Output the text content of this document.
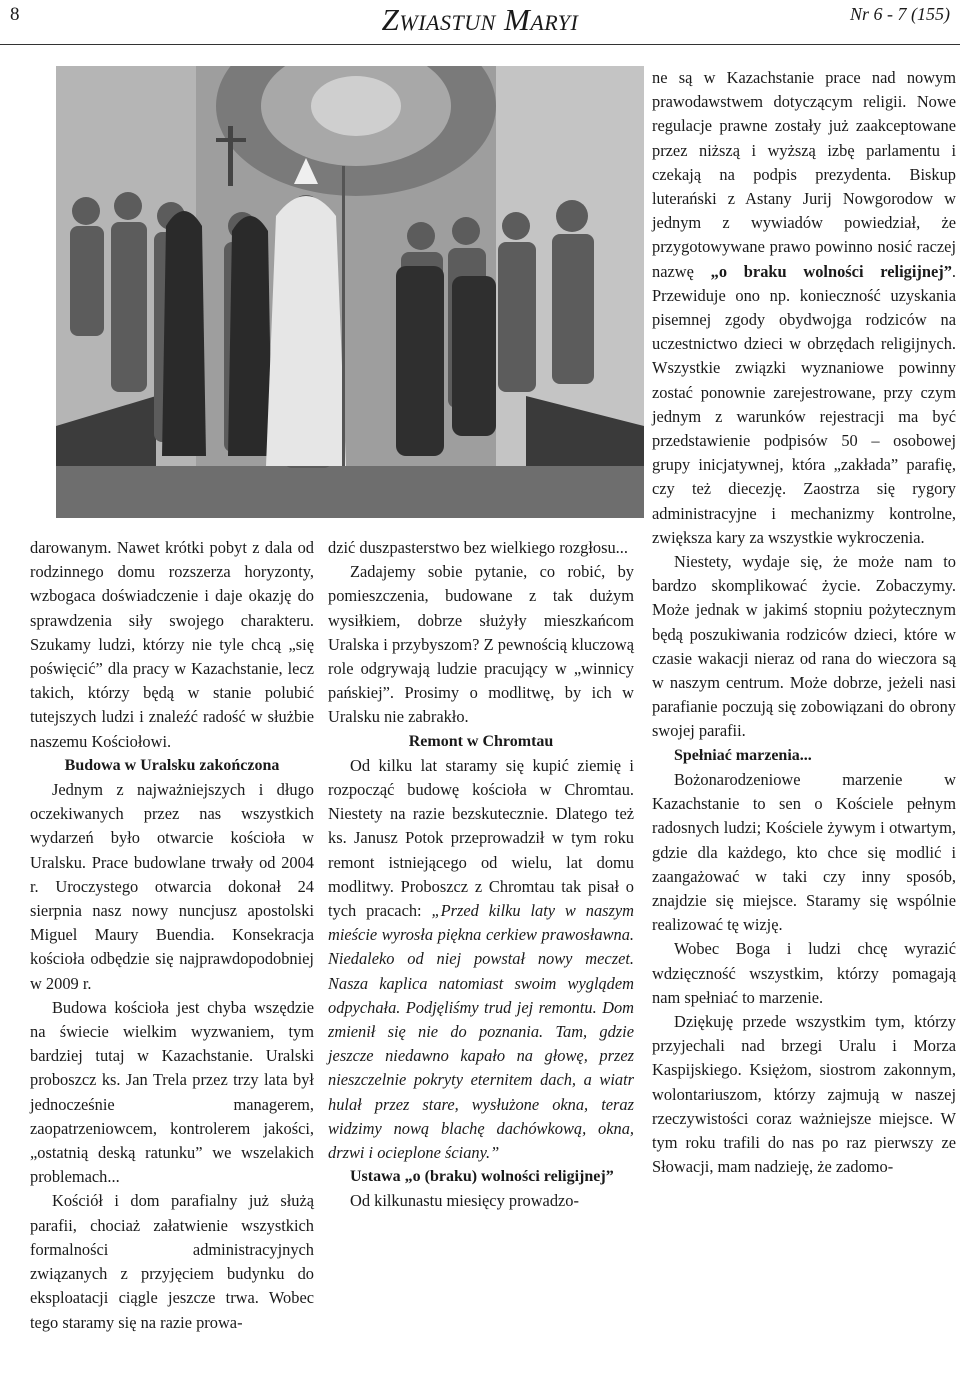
8	Zwiastun Maryi	Nr 6 - 7 (155)

darowanym. Nawet krótki pobyt z dala od rodzinnego domu rozszerza horyzonty, wzbogaca doświadczenie i daje okazję do sprawdzenia siły swojego charakteru. Szukamy ludzi, którzy nie tyle chcą „się poświęcić” dla pracy w Kazachstanie, lecz takich, którzy będą w stanie polubić tutejszych ludzi i znaleźć radość w służbie naszemu Kościołowi.

Budowa w Uralsku zakończona

Jednym z najważniejszych i długo oczekiwanych przez nas wszystkich wydarzeń było otwarcie kościoła w Uralsku. Prace budowlane trwały od 2004 r. Uroczystego otwarcia dokonał 24 sierpnia nasz nowy nuncjusz apostolski Miguel Maury Buendia. Konsekracja kościoła odbędzie się najprawdopodobniej w 2009 r.

Budowa kościoła jest chyba wszędzie na świecie wielkim wyzwaniem, tym bardziej tutaj w Kazachstanie. Uralski proboszcz ks. Jan Trela przez trzy lata był jednocześnie managerem, zaopatrzeniowcem, kontrolerem jakości, „ostatnią deską ratunku” we wszelakich problemach...

Kościół i dom parafialny już służą parafii, chociaż załatwienie wszystkich formalności administracyjnych związanych z przyjęciem budynku do eksploatacji ciągle jeszcze trwa. Wobec tego staramy się na razie prowa-

dzić duszpasterstwo bez wielkiego rozgłosu...

Zadajemy sobie pytanie, co robić, by pomieszczenia, budowane z tak dużym wysiłkiem, dobrze służyły mieszkańcom Uralska i przybyszom? Z pewnością kluczową role odgrywają ludzie pracujący w „winnicy pańskiej”. Prosimy o modlitwę, by ich w Uralsku nie zabrakło.

Remont w Chromtau

Od kilku lat staramy się kupić ziemię i rozpocząć budowę kościoła w Chromtau. Niestety na razie bezskutecznie. Dlatego też ks. Janusz Potok przeprowadził w tym roku remont istniejącego od wielu, lat domu modlitwy. Proboszcz z Chromtau tak pisał o tych pracach: „Przed kilku laty w naszym mieście wyrosła piękna cerkiew prawosławna. Niedaleko od niej powstał nowy meczet. Nasza kaplica natomiast swoim wyglądem odpychała. Podjęliśmy trud jej remontu. Dom zmienił się nie do poznania. Tam, gdzie jeszcze niedawno kapało na głowę, przez nieszczelnie pokryty eternitem dach, a wiatr hulał przez stare, wysłużone okna, teraz widzimy nową blachę dachówkową, okna, drzwi i ocieplone ściany.”

Ustawa „o (braku) wolności religijnej”

Od kilkunastu miesięcy prowadzo-

ne są w Kazachstanie prace nad nowym prawodawstwem dotyczącym religii. Nowe regulacje prawne zostały już zaakceptowane przez niższą i wyższą izbę parlamentu i czekają na podpis prezydenta. Biskup luterański z Astany Jurij Nowgorodow w jednym z wywiadów powiedział, że przygotowywane prawo powinno nosić raczej nazwę „o braku wolności religijnej”. Przewiduje ono np. konieczność uzyskania pisemnej zgody obydwojga rodziców na uczestnictwo dzieci w obrzędach religijnych. Wszystkie związki wyznaniowe powinny zostać ponownie zarejestrowane, przy czym jednym z warunków rejestracji ma być przedstawienie podpisów 50 – osobowej grupy inicjatywnej, która „zakłada” parafię, czy też diecezję. Zaostrza się rygory administracyjne i mechanizmy kontrolne, zwiększa kary za wszystkie wykroczenia.

Niestety, wydaje się, że może nam to bardzo skomplikować życie. Zobaczymy. Może jednak w jakimś stopniu pożytecznym będą poszukiwania rodziców dzieci, które w czasie wakacji nieraz od rana do wieczora są w naszym centrum. Może dobrze, jeżeli nasi parafianie poczują się zobowiązani do obrony swojej parafii.

Spełniać marzenia...

Bożonarodzeniowe marzenie w Kazachstanie to sen o Kościele pełnym radosnych ludzi; Kościele żywym i otwartym, gdzie dla każdego, kto chce się modlić i zaangażować w taki czy inny sposób, znajdzie się miejsce. Staramy się wspólnie realizować tę wizję.

Wobec Boga i ludzi chcę wyrazić wdzięczność wszystkim, którzy pomagają nam spełniać to marzenie.

Dziękuję przede wszystkim tym, którzy przyjechali nad brzegi Uralu i Morza Kaspijskiego. Księżom, siostrom zakonnym, wolontariuszom, którzy zajmują w naszej rzeczywistości coraz ważniejsze miejsce. W tym roku trafili do nas po raz pierwszy ze Słowacji, mam nadzieję, że zadomo-
